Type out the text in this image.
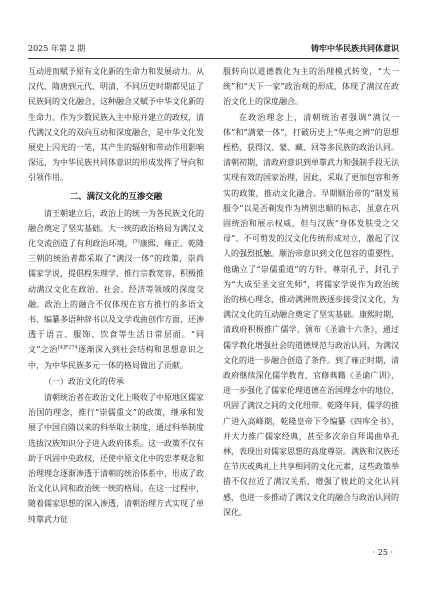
2025 年第 2 期	铸牢中华民族共同体意识

互动进而赋予原有文化新的生命力和发展动力。从汉代、隋唐到元代、明清，不同历史时期都见证了民族间的文化融合，这种融合又赋予中华文化新的生命力。作为少数民族入主中原并建立的政权，清代满汉文化的双向互动和深度融合，是中华文化发展史上闪光的一笔，其产生的辐射和带动作用影响深远，为中华民族共同体意识的形成发挥了导向和引领作用。

二、满汉文化的互渗交融

清王朝建立后，政治上的统一为各民族文化的融合奠定了坚实基础。大一统的政治格局为满汉文化交流创造了有利政治环境。[3]康熙、雍正、乾隆三朝的统治者都采取了“满汉一体”的政策，崇尚儒家学说，提倡程朱理学，推行宗教宽容，积极推动满汉文化在政治、社会、经济等领域的深度交融。政治上的融合不仅体现在官方推行的多语文书、编纂多语种辞书以及文学戏曲创作方面，还渗透于语言、服饰、饮食等生活日常层面。“同文”之治$^{[4]P274}$逐渐深入到社会结构和思想意识之中，为中华民族多元一体的格局做出了贡献。

（一）政治文化的传承

清朝统治者在政治文化上吸收了中原地区儒家治国的理念，推行“崇儒重文”的政策，继承和发展了中国自隋以来的科举取士制度，通过科举制度选拔汉族知识分子进入政府体系。这一政策不仅有助于巩固中央政权，还使中原文化中的忠孝观念和治理理念逐渐渗透于清朝的统治体系中，形成了政治文化认同和政治统一统的格局。在这一过程中，随着儒家思想的深入渗透，清朝治理方式实现了单纯靠武力征

服转向以道德教化为主的治理模式转变，“大一统”和“天下一家”政治观的形成，体现了满汉在政治文化上的深度融合。

在政治理念上，清朝统治者强调“满汉一体”和“满蒙一体”，打破历史上“华夷之辨”的思想桎梏，获得汉、蒙、藏、回等多民族的政治认同。清朝初期，清政府意识到单靠武力和强制手段无法实现有效的国家治理，因此，采取了更加包容和务实的政策，推动文化融合。早期顺治帝的“制发易服令”以是否剃发作为辨别忠顺的标志，虽意在巩固统治和展示权威，但与汉族“身体发肤受之父母”、不可剪发的汉文化传统形成对立，激起了汉人的强烈抵触。顺治帝意识到文化包容的重要性，他确立了“崇儒重道”的方针，尊崇孔子，封孔子为“大成至圣文宣先师”，将儒家学说作为政治统治的核心理念，推动满洲贵族逐步接受汉文化，为满汉文化的互动融合奠定了坚实基础。康熙时期，清政府积极推广儒学，颁布《圣谕十六条》，通过儒学教化增强社会的道德规范与政治认同，为满汉文化的进一步融合创造了条件。到了雍正时期，清政府继续深化儒学教育，官修典籍《圣谕广训》，进一步强化了儒家伦理道德在治国理念中的地位，巩固了满汉之间的文化纽带。乾隆年间，儒学的推广进入高峰期，乾隆皇帝下令编纂《四库全书》，并大力推广儒家经典，甚至多次亲自拜谒曲阜孔林，表现出对儒家思想的高度尊崇。满族和汉族还在节庆或典礼上共享相同的文化元素，这些政策举措不仅拉近了满汉关系，增强了彼此的文化认同感，也进一步推动了满汉文化的融合与政治认同的深化。

· 25 ·
